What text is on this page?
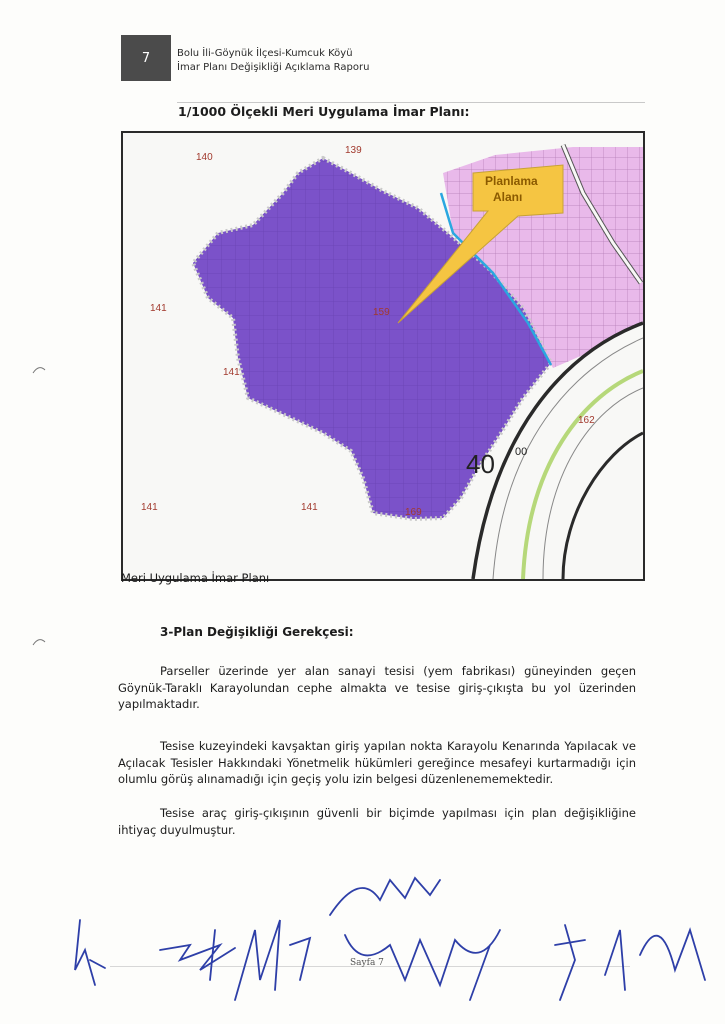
7	Bolu İli-Göynük İlçesi-Kumcuk Köyü
İmar Planı Değişikliği Açıklama Raporu
1/1000 Ölçekli Meri Uygulama İmar Planı:
Planlama
Alanı
140
139
141
141
141	141
162
159
169
40 00
Meri Uygulama İmar Planı
3-Plan Değişikliği Gerekçesi:
Parseller üzerinde yer alan sanayi tesisi (yem fabrikası) güneyinden geçen Göynük-Taraklı Karayolundan cephe almakta ve tesise giriş-çıkışta bu yol üzerinden yapılmaktadır.
Tesise kuzeyindeki kavşaktan giriş yapılan nokta Karayolu Kenarında Yapılacak ve Açılacak Tesisler Hakkındaki Yönetmelik hükümleri gereğince mesafeyi kurtarmadığı için olumlu görüş alınamadığı için geçiş yolu izin belgesi düzenlenememektedir.
Tesise araç giriş-çıkışının güvenli bir biçimde yapılması için plan değişikliğine ihtiyaç duyulmuştur.
Sayfa 7
